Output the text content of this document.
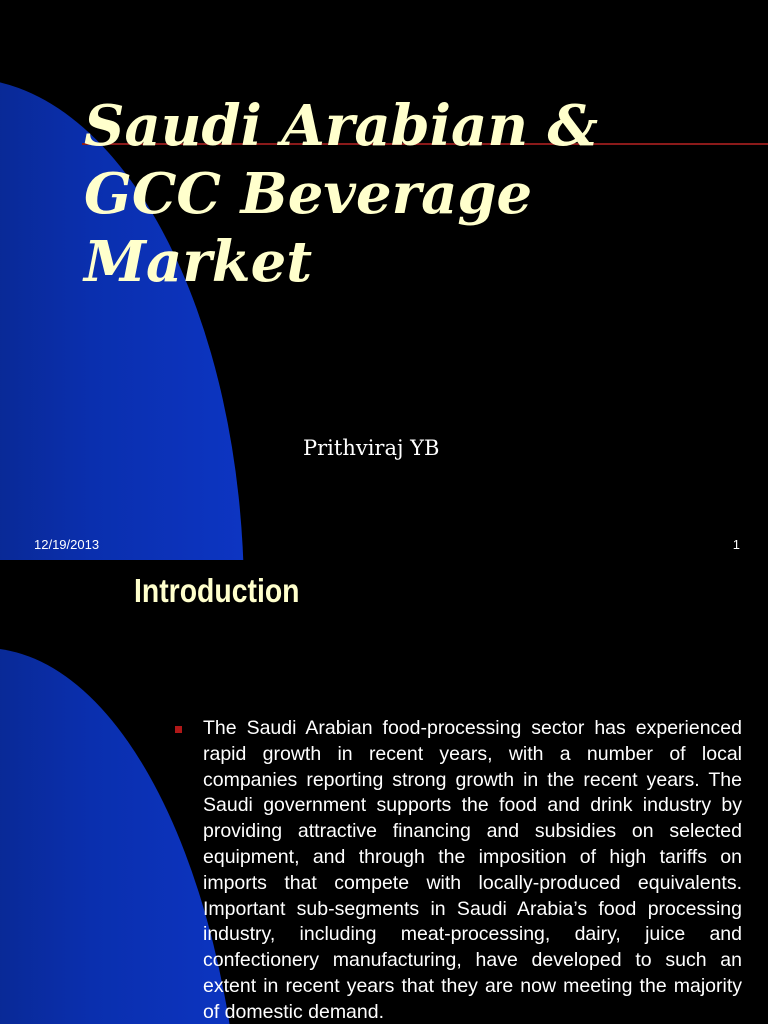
Saudi Arabian & GCC Beverage Market
Prithviraj YB
12/19/2013	1
Introduction
The Saudi Arabian food-processing sector has experienced rapid growth in recent years, with a number of local companies reporting strong growth in the recent years. The Saudi government supports the food and drink industry by providing attractive financing and subsidies on selected equipment, and through the imposition of high tariffs on imports that compete with locally-produced equivalents. Important sub-segments in Saudi Arabia’s food processing industry, including meat-processing, dairy, juice and confectionery manufacturing, have developed to such an extent in recent years that they are now meeting the majority of domestic demand.
